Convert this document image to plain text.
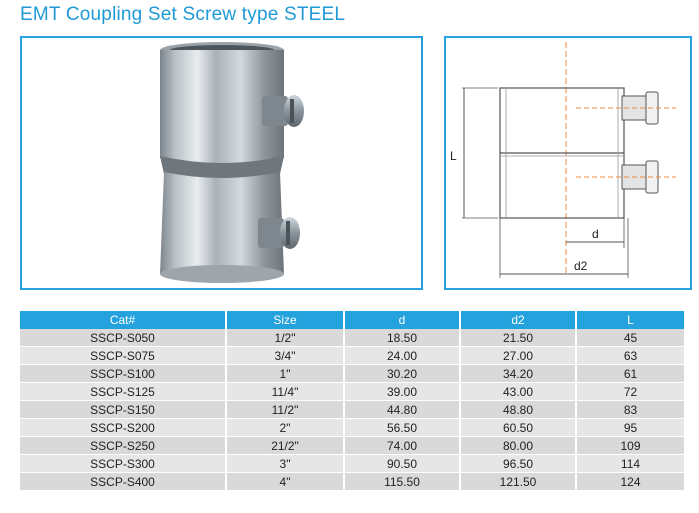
EMT Coupling Set Screw type STEEL
L
d
d2
Cat#	Size	d	d2	L
SSCP-S050	1/2"	18.50	21.50	45
SSCP-S075	3/4"	24.00	27.00	63
SSCP-S100	1"	30.20	34.20	61
SSCP-S125	11/4"	39.00	43.00	72
SSCP-S150	11/2"	44.80	48.80	83
SSCP-S200	2"	56.50	60.50	95
SSCP-S250	21/2"	74.00	80.00	109
SSCP-S300	3"	90.50	96.50	114
SSCP-S400	4"	115.50	121.50	124
